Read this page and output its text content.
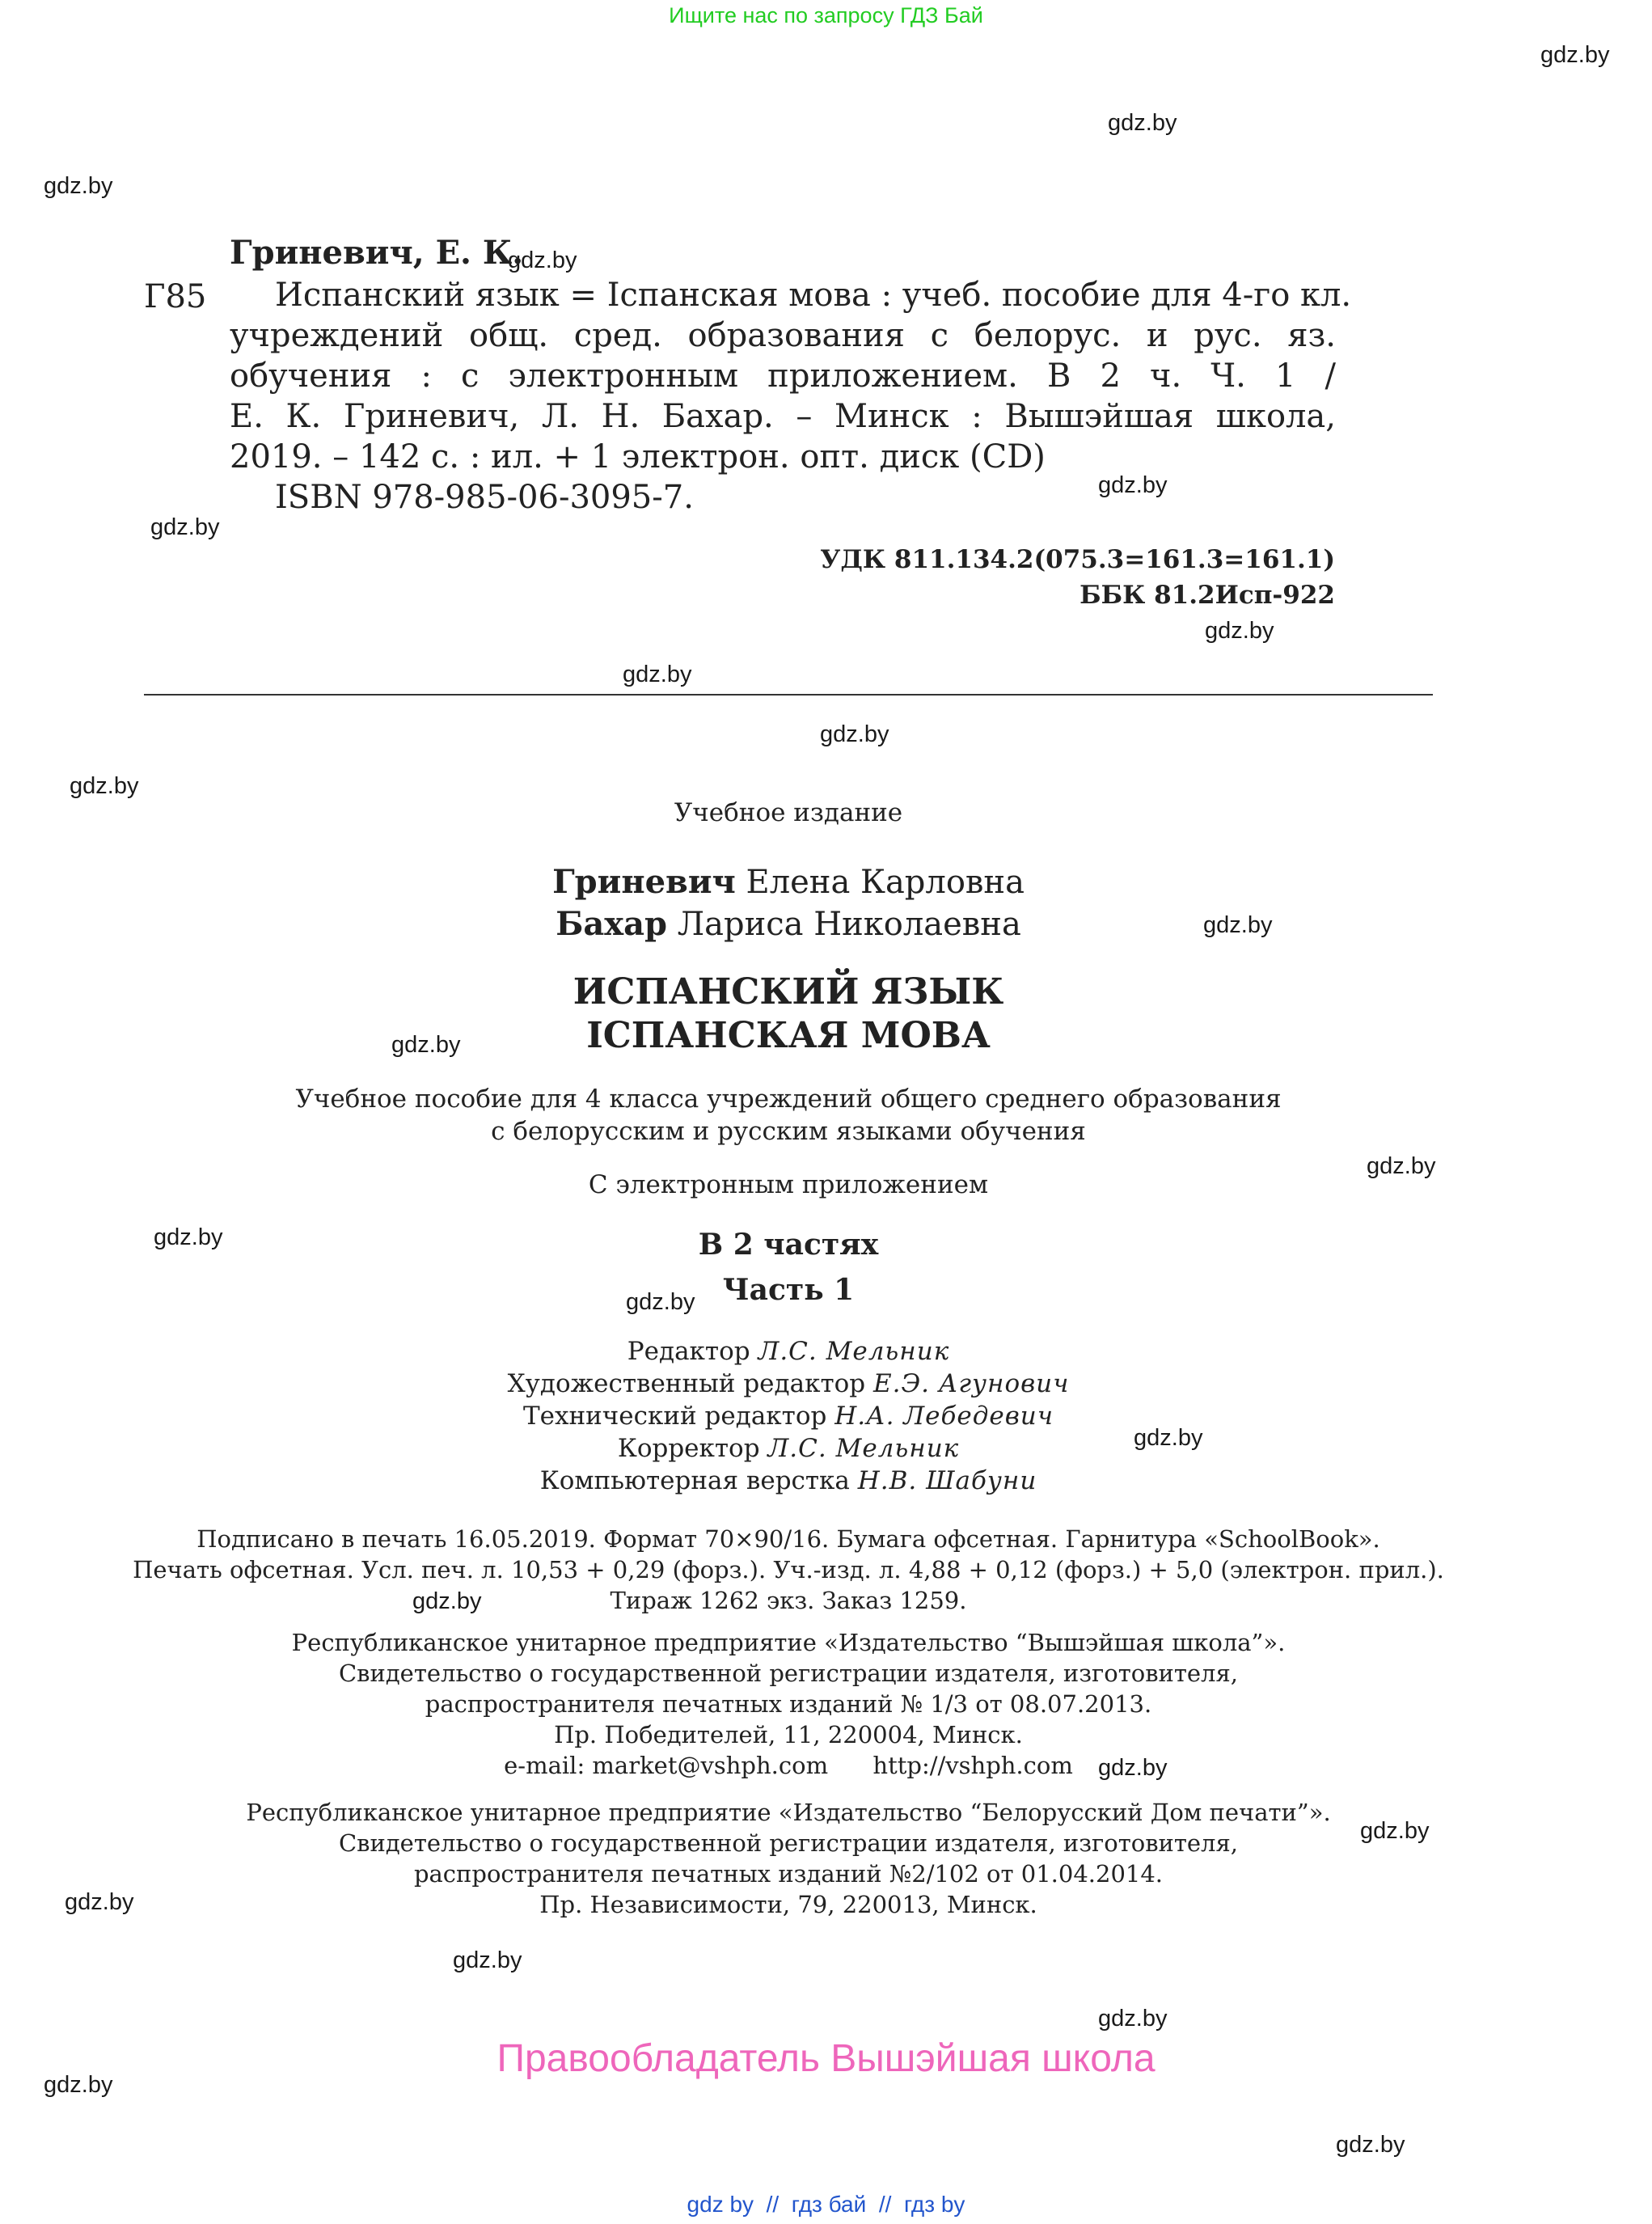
Ищите нас по запросу ГДЗ Бай
gdz.by
gdz.by
gdz.by
gdz.by
gdz.by
gdz.by
gdz.by
gdz.by
gdz.by
gdz.by
gdz.by
gdz.by
gdz.by
gdz.by
gdz.by
gdz.by
gdz.by
gdz.by
gdz.by
gdz.by
gdz.by
gdz.by
gdz.by
gdz.by
Г85
Гриневич, Е. К.
Испанский язык = Іспанская мова : учеб. пособие для 4-го кл.
учреждений общ. сред. образования с белорус. и рус. яз.
обучения : с электронным приложением. В 2 ч. Ч. 1 /
Е. К. Гриневич, Л. Н. Бахар. – Минск : Вышэйшая школа,
2019. – 142 с. : ил. + 1 электрон. опт. диск (CD)
ISBN 978-985-06-3095-7.
УДК 811.134.2(075.3=161.3=161.1)
ББК 81.2Исп-922
Учебное издание
Гриневич Елена Карловна
Бахар Лариса Николаевна
ИСПАНСКИЙ ЯЗЫК
ІСПАНСКАЯ МОВА
Учебное пособие для 4 класса учреждений общего среднего образования
с белорусским и русским языками обучения
С электронным приложением
В 2 частях
Часть 1
Редактор Л.С. Мельник
Художественный редактор Е.Э. Агунович
Технический редактор Н.А. Лебедевич
Корректор Л.С. Мельник
Компьютерная верстка Н.В. Шабуни
Подписано в печать 16.05.2019. Формат 70×90/16. Бумага офсетная. Гарнитура «SchoolBook».
Печать офсетная. Усл. печ. л. 10,53 + 0,29 (форз.). Уч.-изд. л. 4,88 + 0,12 (форз.) + 5,0 (электрон. прил.).
Тираж 1262 экз. Заказ 1259.
Республиканское унитарное предприятие «Издательство “Вышэйшая школа”».
Свидетельство о государственной регистрации издателя, изготовителя,
распространителя печатных изданий № 1/3 от 08.07.2013.
Пр. Победителей, 11, 220004, Минск.
e-mail: market@vshph.com http://vshph.com
Республиканское унитарное предприятие «Издательство “Белорусский Дом печати”».
Свидетельство о государственной регистрации издателя, изготовителя,
распространителя печатных изданий №2/102 от 01.04.2014.
Пр. Независимости, 79, 220013, Минск.
Правообладатель Вышэйшая школа
gdz by // гдз бай // гдз by
